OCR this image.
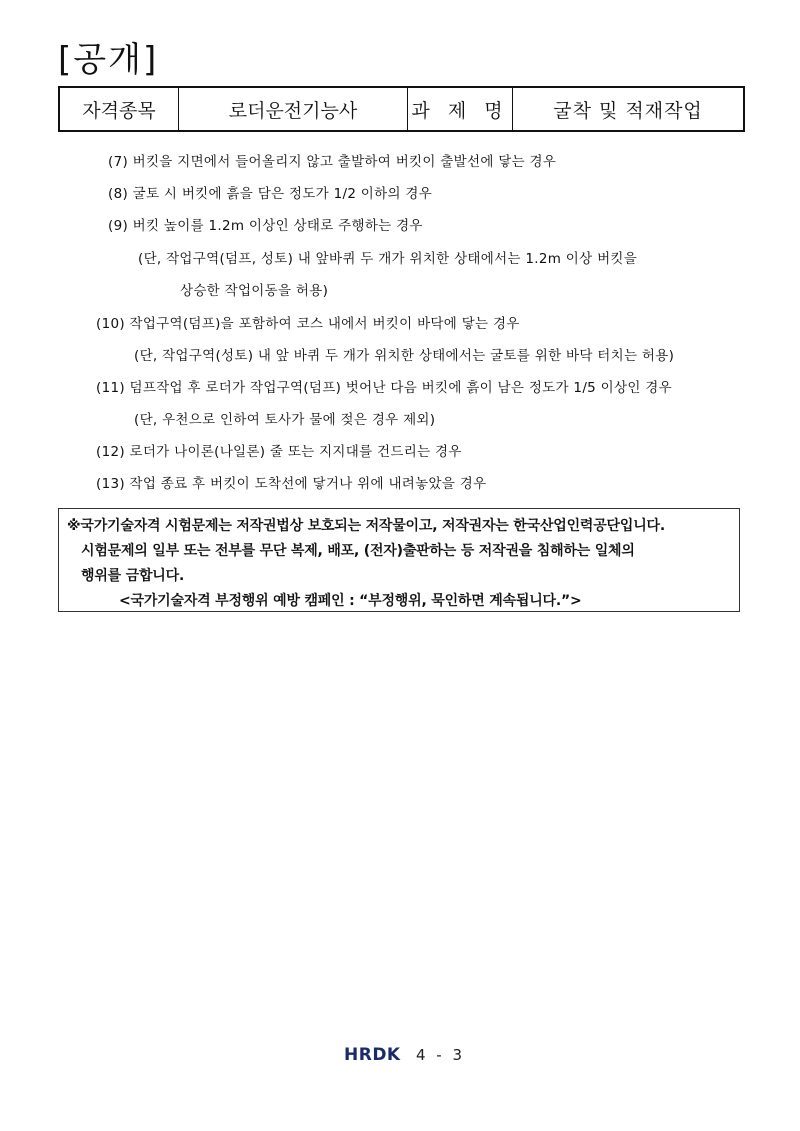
[공개]
자격종목	로더운전기능사	과 제 명	굴착 및 적재작업
(7) 버킷을 지면에서 들어올리지 않고 출발하여 버킷이 출발선에 닿는 경우
(8) 굴토 시 버킷에 흙을 담은 정도가 1/2 이하의 경우
(9) 버킷 높이를 1.2m 이상인 상태로 주행하는 경우
(단, 작업구역(덤프, 성토) 내 앞바퀴 두 개가 위치한 상태에서는 1.2m 이상 버킷을
상승한 작업이동을 허용)
(10) 작업구역(덤프)을 포함하여 코스 내에서 버킷이 바닥에 닿는 경우
(단, 작업구역(성토) 내 앞 바퀴 두 개가 위치한 상태에서는 굴토를 위한 바닥 터치는 허용)
(11) 덤프작업 후 로더가 작업구역(덤프) 벗어난 다음 버킷에 흙이 남은 정도가 1/5 이상인 경우
(단, 우천으로 인하여 토사가 물에 젖은 경우 제외)
(12) 로더가 나이론(나일론) 줄 또는 지지대를 건드리는 경우
(13) 작업 종료 후 버킷이 도착선에 닿거나 위에 내려놓았을 경우
※국가기술자격 시험문제는 저작권법상 보호되는 저작물이고, 저작권자는 한국산업인력공단입니다.
시험문제의 일부 또는 전부를 무단 복제, 배포, (전자)출판하는 등 저작권을 침해하는 일체의
행위를 금합니다.
<국가기술자격 부정행위 예방 캠페인 : “부정행위, 묵인하면 계속됩니다.”>
HRDK 4 - 3
